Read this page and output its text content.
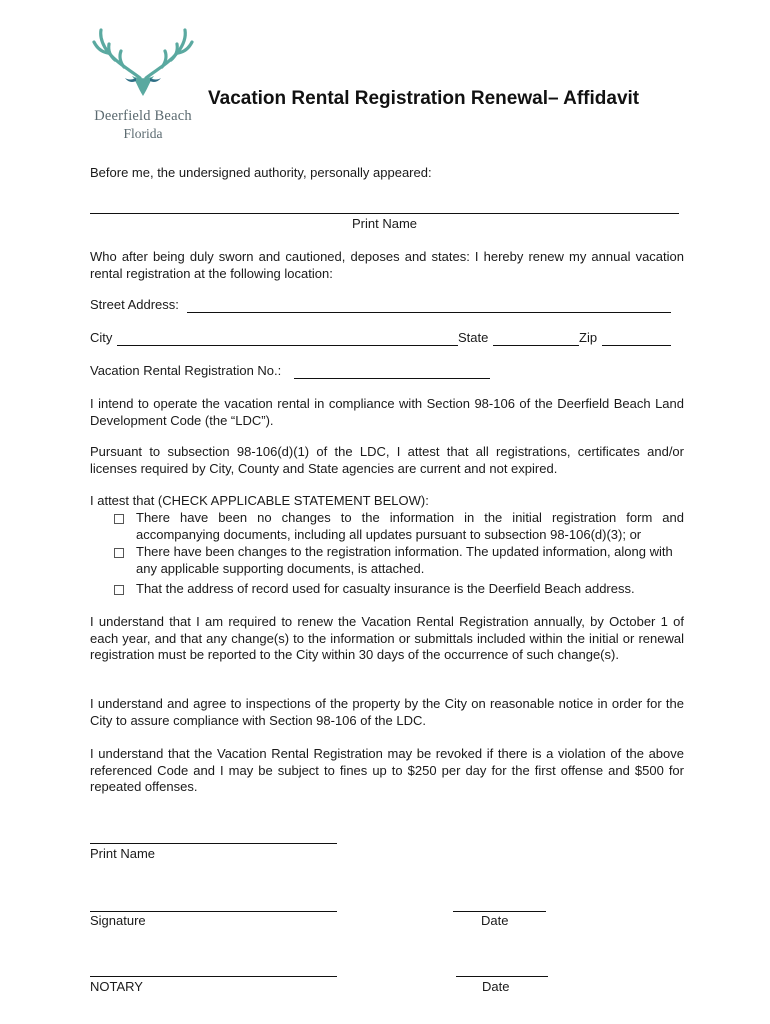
Deerfield Beach
Florida
Vacation Rental Registration Renewal– Affidavit
Before me, the undersigned authority, personally appeared:
Print Name
Who after being duly sworn and cautioned, deposes and states: I hereby renew my annual vacation rental registration at the following location:
Street Address:
City	State	Zip
Vacation Rental Registration No.:
I intend to operate the vacation rental in compliance with Section 98-106 of the Deerfield Beach Land Development Code (the “LDC”).
Pursuant to subsection 98-106(d)(1) of the LDC, I attest that all registrations, certificates and/or licenses required by City, County and State agencies are current and not expired.
I attest that (CHECK APPLICABLE STATEMENT BELOW):
There have been no changes to the information in the initial registration form and accompanying documents, including all updates pursuant to subsection 98-106(d)(3); or
There have been changes to the registration information. The updated information, along with any applicable supporting documents, is attached.
That the address of record used for casualty insurance is the Deerfield Beach address.
I understand that I am required to renew the Vacation Rental Registration annually, by October 1 of each year, and that any change(s) to the information or submittals included within the initial or renewal registration must be reported to the City within 30 days of the occurrence of such change(s).
I understand and agree to inspections of the property by the City on reasonable notice in order for the City to assure compliance with Section 98-106 of the LDC.
I understand that the Vacation Rental Registration may be revoked if there is a violation of the above referenced Code and I may be subject to fines up to $250 per day for the first offense and $500 for repeated offenses.
Print Name
Signature	Date
NOTARY	Date
